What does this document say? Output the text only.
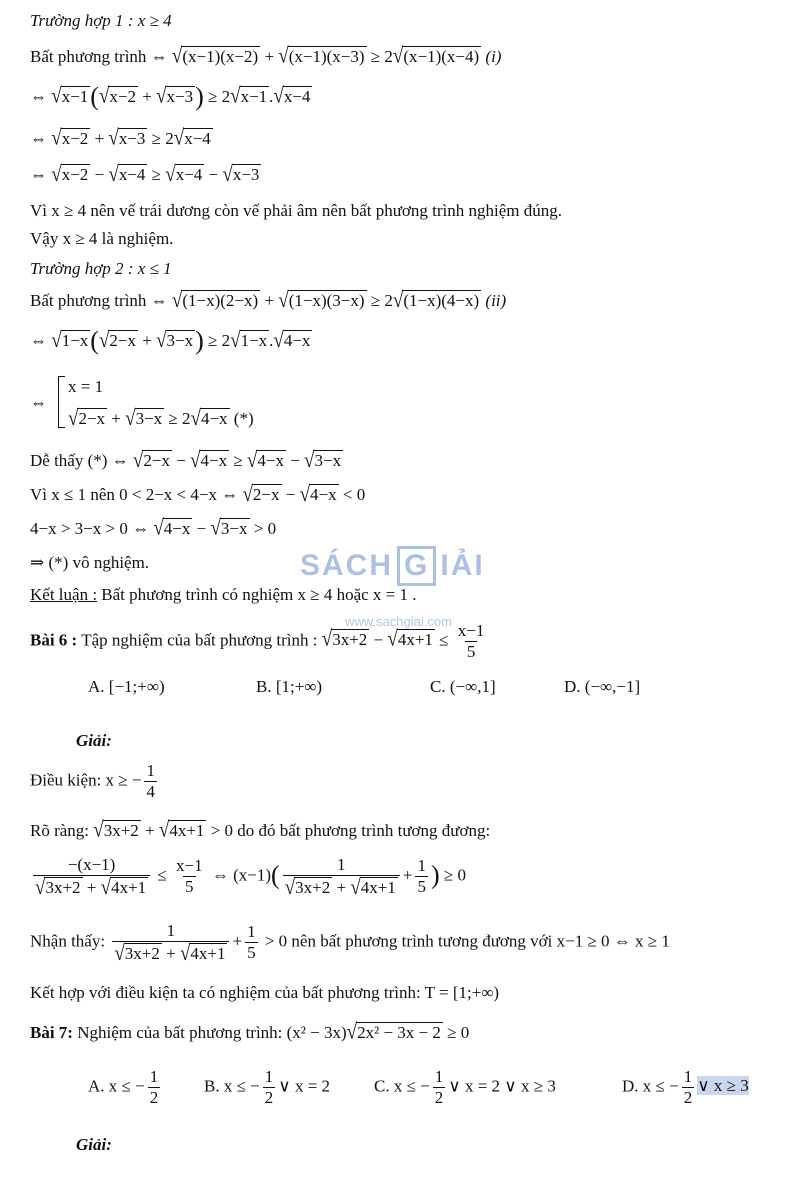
Trường hợp 1 : x ≥ 4
Bất phương trình ⇔ √(x−1)(x−2) + √(x−1)(x−3) ≥ 2√(x−1)(x−4) (i)
⇔ √x−1(√x−2 + √x−3) ≥ 2√x−1 .√x−4
⇔ √x−2 + √x−3 ≥ 2√x−4
⇔ √x−2 − √x−4 ≥ √x−4 − √x−3
Vì x ≥ 4 nên vế trái dương còn vế phải âm nên bất phương trình nghiệm đúng.
Vậy x ≥ 4 là nghiệm.
Trường hợp 2 : x ≤ 1
Bất phương trình ⇔ √(1−x)(2−x) + √(1−x)(3−x) ≥ 2√(1−x)(4−x) (ii)
⇔ √1−x(√2−x + √3−x) ≥ 2√1−x .√4−x
⇔
x = 1
√2−x + √3−x ≥ 2√4−x (*)
Dễ thấy (*) ⇔ √2−x − √4−x ≥ √4−x − √3−x
Vì x ≤ 1 nên 0 < 2−x < 4−x ⇔ √2−x − √4−x < 0
4−x > 3−x > 0 ⇔ √4−x − √3−x > 0
⇒ (*) vô nghiệm.
Kết luận : Bất phương trình có nghiệm x ≥ 4 hoặc x = 1 .
SÁCH G IẢI
www.sachgiai.com
Bài 6 : Tập nghiệm của bất phương trình : $√3x+2 - √4x+1 \le \frac{x-1}{5}$
A. [−1;+∞)	B. [1;+∞)	C. (−∞,1]	D. (−∞,−1]
Giải:
Điều kiện: x ≥ − $\frac{1}{4}$
Rõ ràng: √3x+2 + √4x+1 > 0 do đó bất phương trình tương đương:
$\frac{-(x-1)}{√3x+2 + √4x+1} \le \frac{x-1}{5}$ ⇔ $(x-1)( \frac{1}{√3x+2 + √4x+1} + \frac{1}{5}$ ) ≥ 0
Nhận thấy: $\frac{1}{√3x+2 + √4x+1} + \frac{1}{5} > 0$ nên bất phương trình tương đương với x−1 ≥ 0 ⇔ x ≥ 1
Kết hợp với điều kiện ta có nghiệm của bất phương trình: T = [1;+∞)
Bài 7: Nghiệm của bất phương trình: (x² − 3x)√2x² − 3x − 2 ≥ 0
A. x ≤ − $\frac{1}{2}$	B. x ≤ − $\frac{1}{2}$ ∨ x = 2	C. x ≤ − $\frac{1}{2}$ ∨ x = 2 ∨ x ≥ 3	D. x ≤ − $\frac{1}{2}$ ∨ x ≥ 3
Giải:
